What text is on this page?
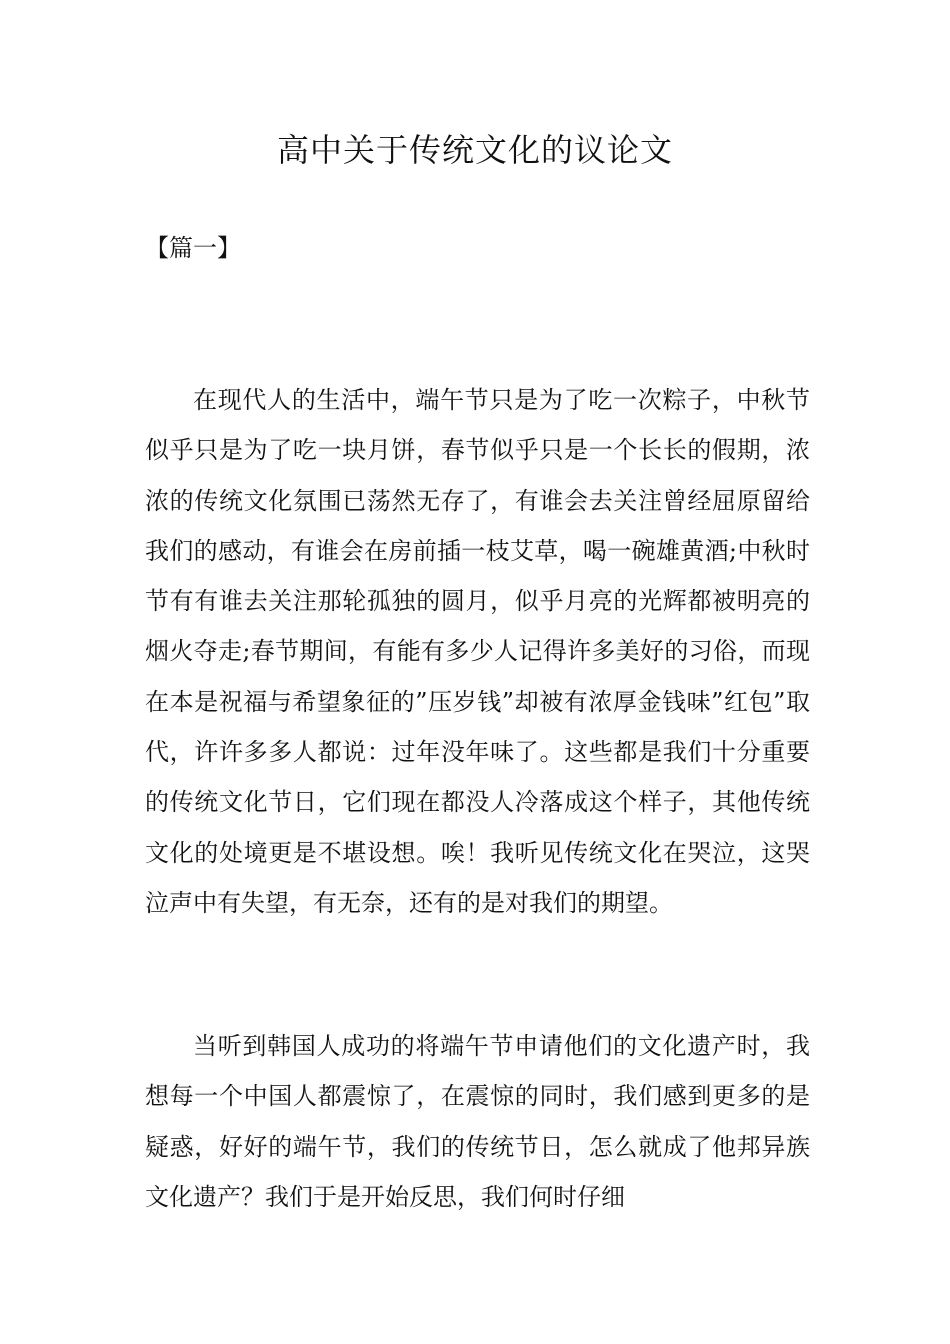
高中关于传统文化的议论文
【篇一】

在现代人的生活中，端午节只是为了吃一次粽子，中秋节似乎只是为了吃一块月饼，春节似乎只是一个长长的假期，浓浓的传统文化氛围已荡然无存了，有谁会去关注曾经屈原留给我们的感动，有谁会在房前插一枝艾草，喝一碗雄黄酒;中秋时节有有谁去关注那轮孤独的圆月，似乎月亮的光辉都被明亮的烟火夺走;春节期间，有能有多少人记得许多美好的习俗，而现在本是祝福与希望象征的”压岁钱”却被有浓厚金钱味”红包”取代，许许多多人都说：过年没年味了。这些都是我们十分重要的传统文化节日，它们现在都没人冷落成这个样子，其他传统文化的处境更是不堪设想。唉！我听见传统文化在哭泣，这哭泣声中有失望，有无奈，还有的是对我们的期望。

当听到韩国人成功的将端午节申请他们的文化遗产时，我想每一个中国人都震惊了，在震惊的同时，我们感到更多的是疑惑，好好的端午节，我们的传统节日，怎么就成了他邦异族文化遗产？我们于是开始反思，我们何时仔细
